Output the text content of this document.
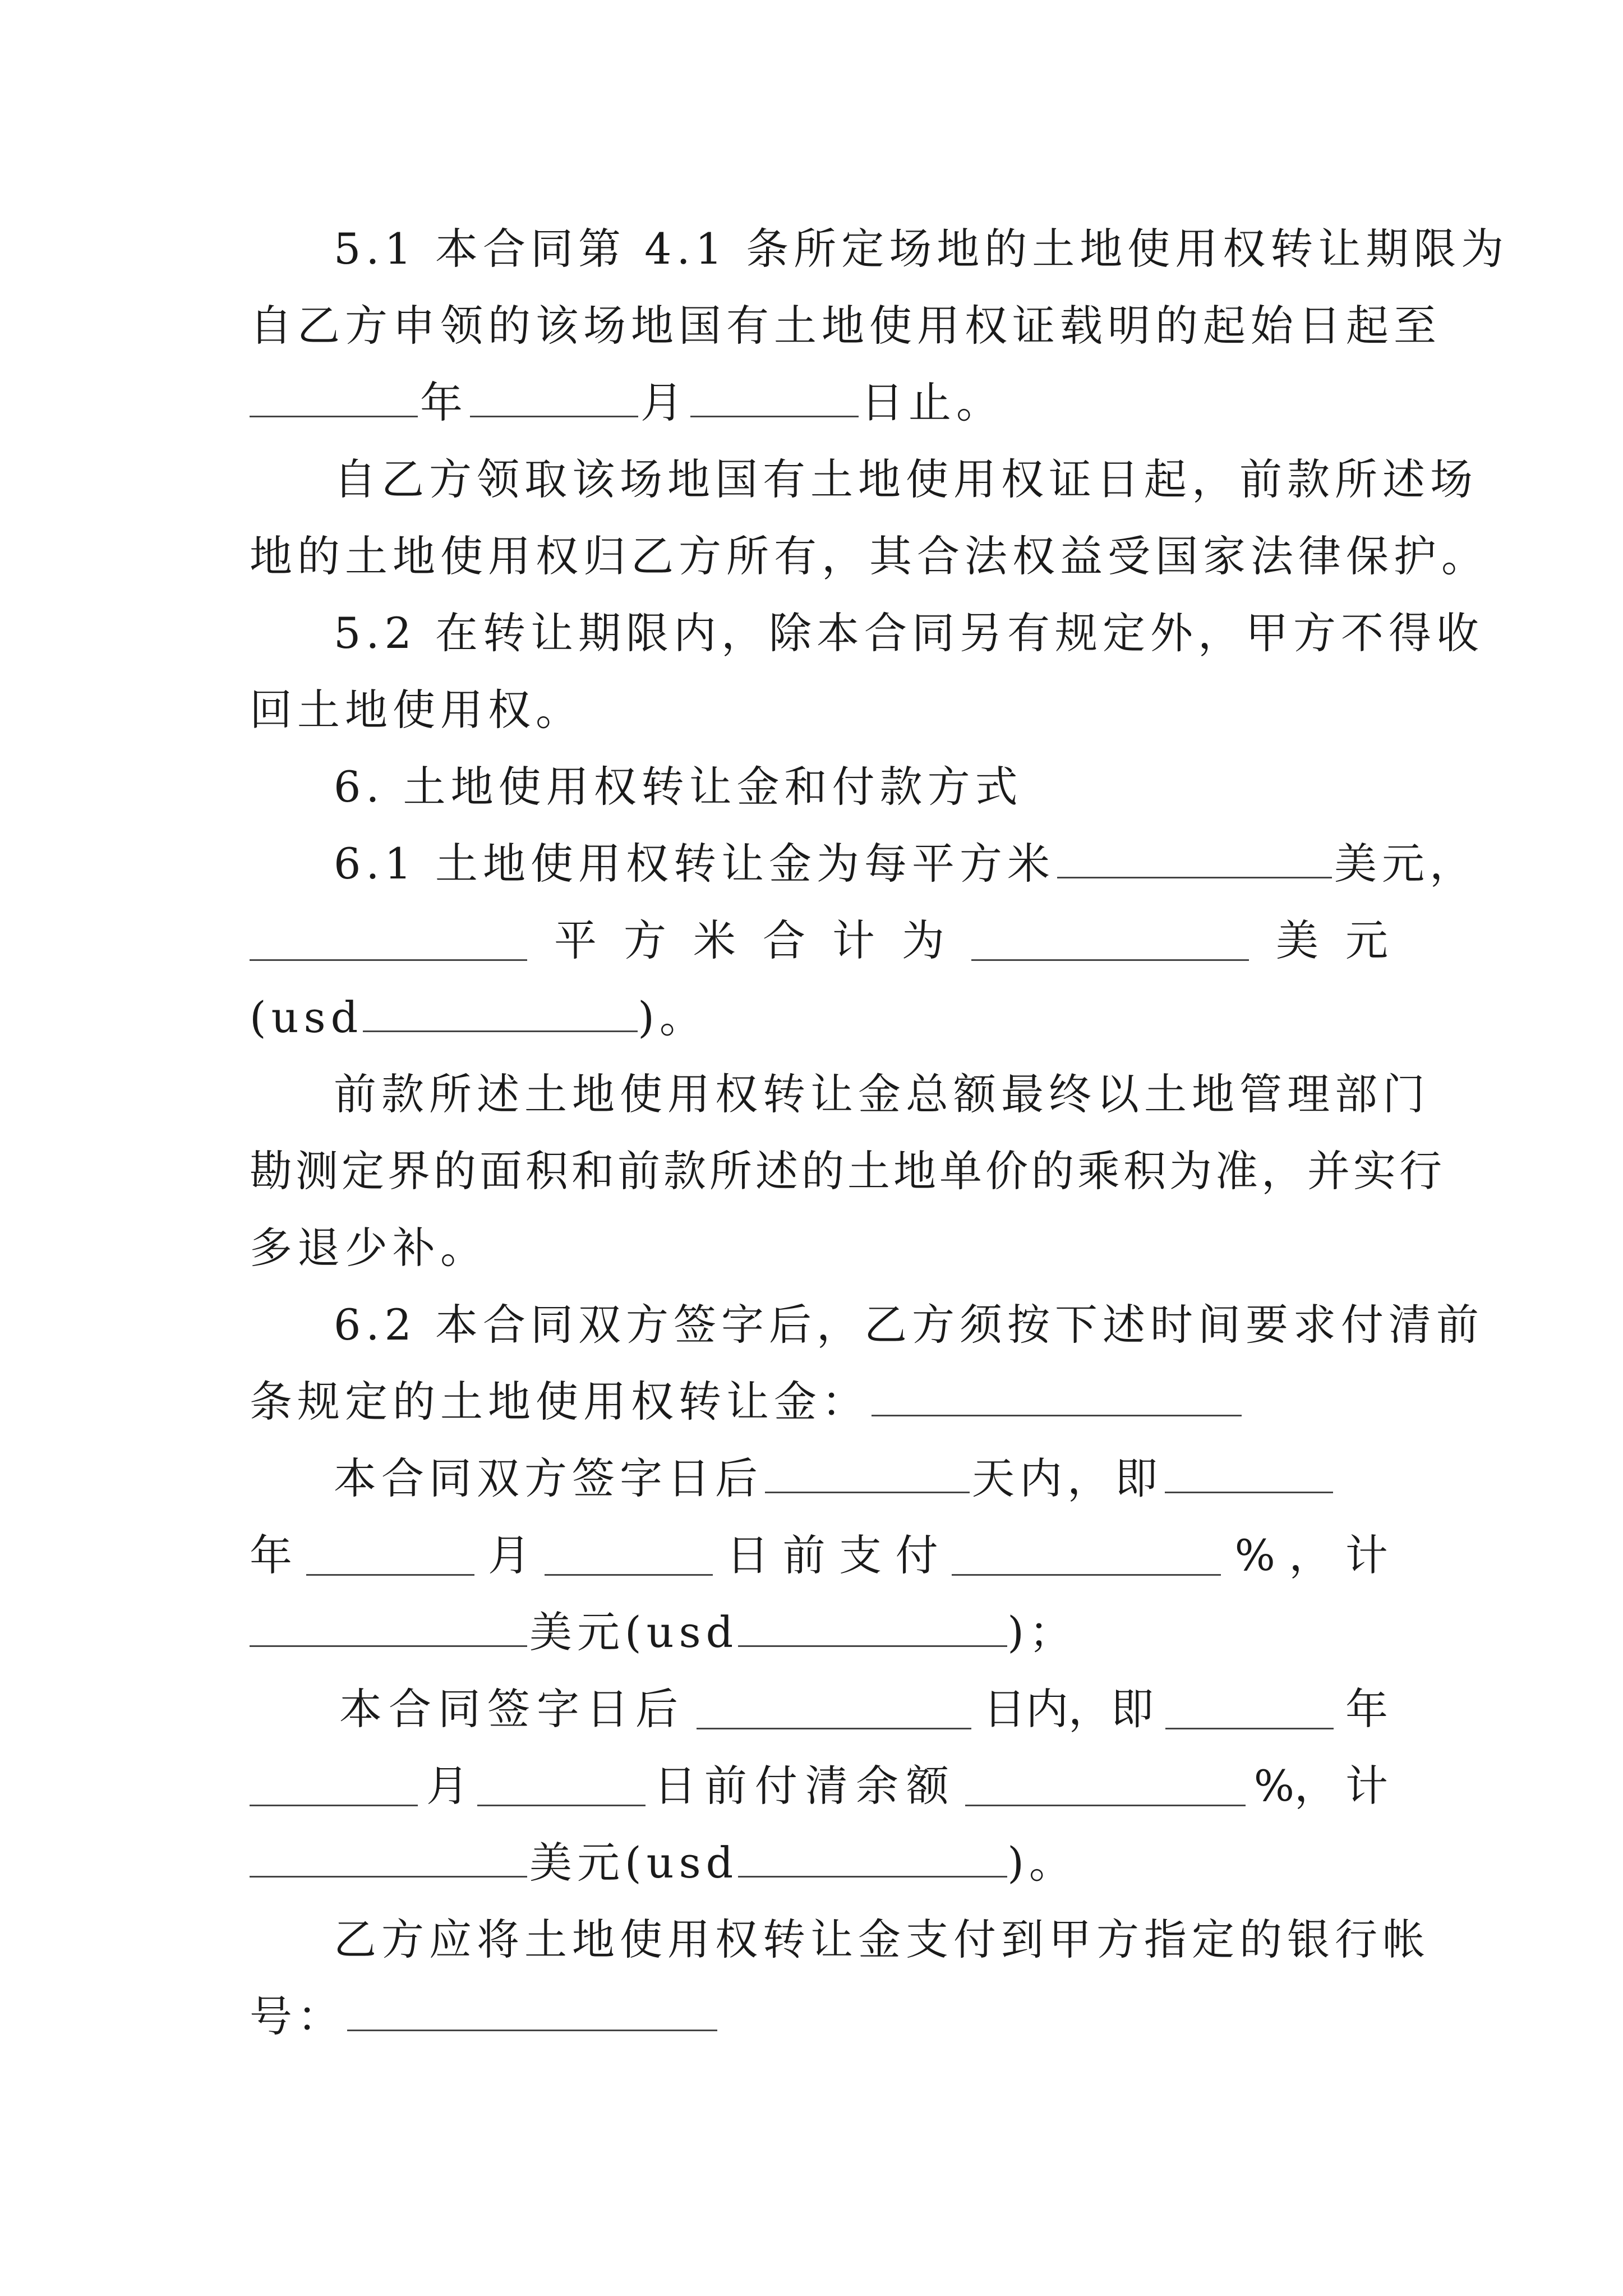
5.1 本合同第 4.1 条所定场地的土地使用权转让期限为
自乙方申领的该场地国有土地使用权证载明的起始日起至
年	月	日止。
自乙方领取该场地国有土地使用权证日起，前款所述场
地的土地使用权归乙方所有，其合法权益受国家法律保护。
5.2 在转让期限内，除本合同另有规定外，甲方不得收
回土地使用权。
6. 土地使用权转让金和付款方式
6.1 土地使用权转让金为每平方米	美元，
平 方 米 合 计 为	美 元
(usd	)。
前款所述土地使用权转让金总额最终以土地管理部门
勘测定界的面积和前款所述的土地单价的乘积为准，并实行
多退少补。
6.2 本合同双方签字后，乙方须按下述时间要求付清前
条规定的土地使用权转让金：
本合同双方签字日后	天内，即
年	月	日 前 支 付	% ， 计
美元(usd	)；
本合同签字日后	日内，即	年
月	日前付清余额	%， 计
美元(usd	)。
乙方应将土地使用权转让金支付到甲方指定的银行帐
号：
